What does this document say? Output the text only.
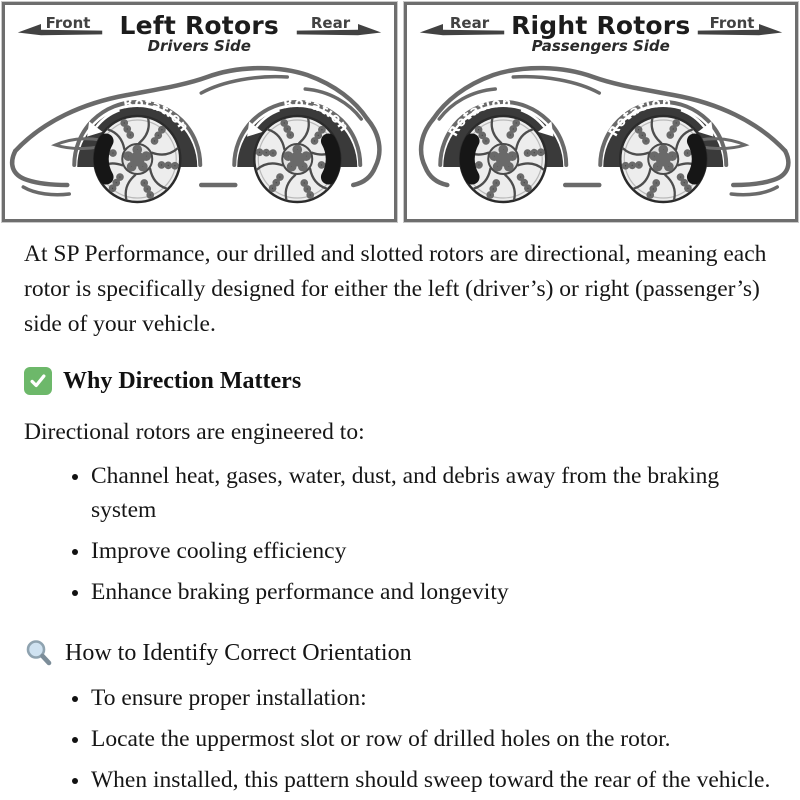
Front	Left Rotors
Drivers Side
Rear
Rotation
Rotation
Rear Right Rotors
Passengers Side
Front
Rotation
Rotation

At SP Performance, our drilled and slotted rotors are directional, meaning each rotor is specifically designed for either the left (driver’s) or right (passenger’s) side of your vehicle.

Why Direction Matters

Directional rotors are engineered to:

• Channel heat, gases, water, dust, and debris away from the braking system
• Improve cooling efficiency
• Enhance braking performance and longevity
How to Identify Correct Orientation
• To ensure proper installation:
• Locate the uppermost slot or row of drilled holes on the rotor.
• When installed, this pattern should sweep toward the rear of the vehicle.
